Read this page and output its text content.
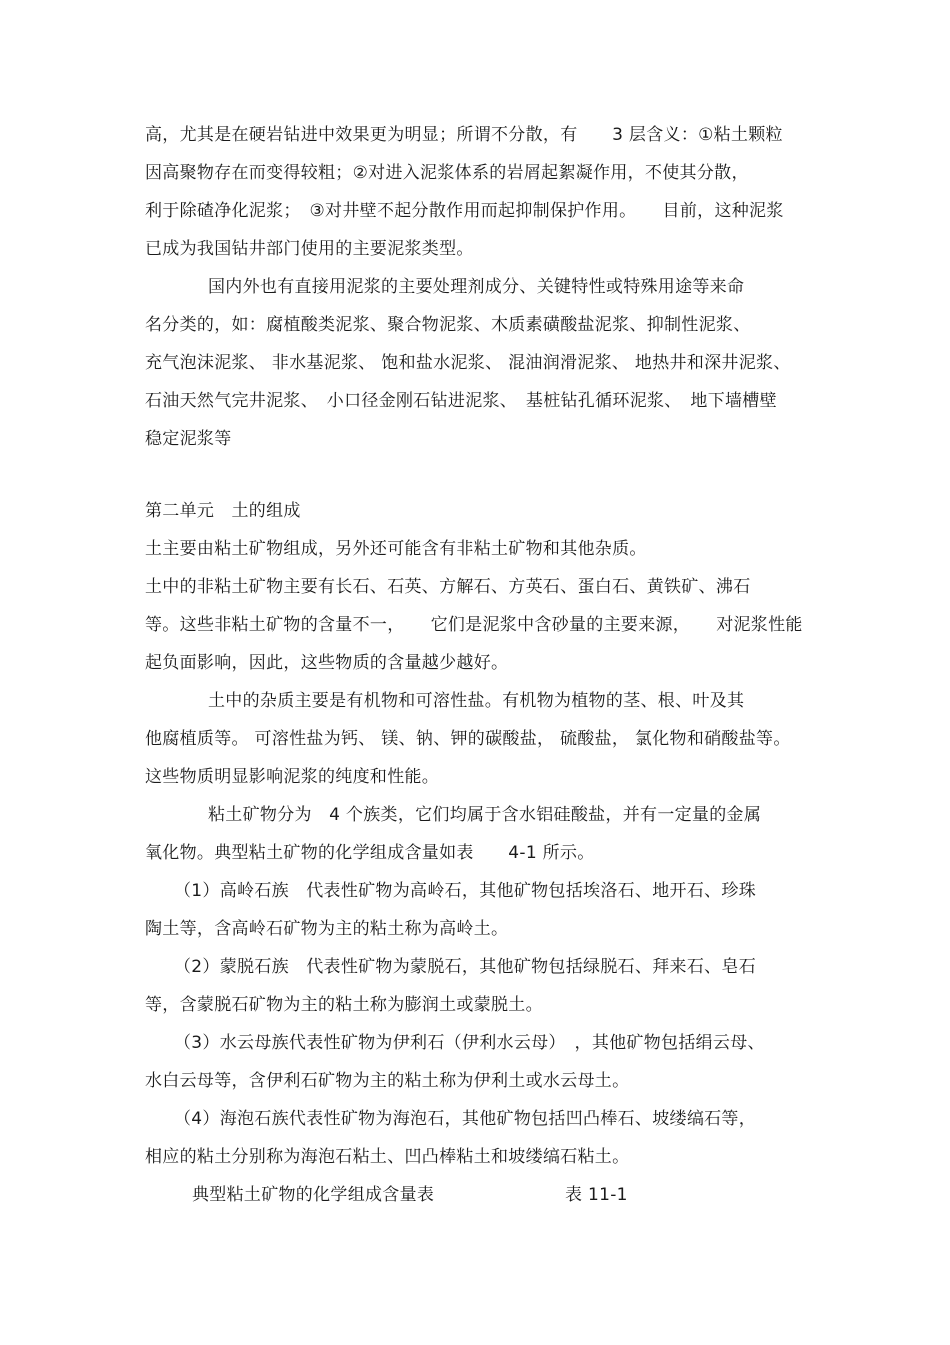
高，尤其是在硬岩钻进中效果更为明显；所谓不分散，有　　3 层含义：①粘土颗粒
因高聚物存在而变得较粗；②对进入泥浆体系的岩屑起絮凝作用，不使其分散，
利于除碴净化泥浆；　③对井壁不起分散作用而起抑制保护作用。　　目前，这种泥浆
已成为我国钻井部门使用的主要泥浆类型。
国内外也有直接用泥浆的主要处理剂成分、关键特性或特殊用途等来命
名分类的，如：腐植酸类泥浆、聚合物泥浆、木质素磺酸盐泥浆、抑制性泥浆、
充气泡沫泥浆、 非水基泥浆、 饱和盐水泥浆、 混油润滑泥浆、 地热井和深井泥浆、
石油天然气完井泥浆、　小口径金刚石钻进泥浆、　基桩钻孔循环泥浆、　地下墙槽壁
稳定泥浆等
第二单元　土的组成
土主要由粘土矿物组成，另外还可能含有非粘土矿物和其他杂质。
土中的非粘土矿物主要有长石、石英、方解石、方英石、蛋白石、黄铁矿、沸石
等。这些非粘土矿物的含量不一，　　它们是泥浆中含砂量的主要来源，　　对泥浆性能
起负面影响，因此，这些物质的含量越少越好。
土中的杂质主要是有机物和可溶性盐。有机物为植物的茎、根、叶及其
他腐植质等。 可溶性盐为钙、 镁、钠、钾的碳酸盐， 硫酸盐， 氯化物和硝酸盐等。
这些物质明显影响泥浆的纯度和性能。
粘土矿物分为　4 个族类，它们均属于含水铝硅酸盐，并有一定量的金属
氧化物。典型粘土矿物的化学组成含量如表　　4-1 所示。
（1）高岭石族　代表性矿物为高岭石，其他矿物包括埃洛石、地开石、珍珠
陶土等，含高岭石矿物为主的粘土称为高岭土。
（2）蒙脱石族　代表性矿物为蒙脱石，其他矿物包括绿脱石、拜来石、皂石
等，含蒙脱石矿物为主的粘土称为膨润土或蒙脱土。
（3）水云母族代表性矿物为伊利石（伊利水云母）　，其他矿物包括绢云母、
水白云母等，含伊利石矿物为主的粘土称为伊利土或水云母土。
（4）海泡石族代表性矿物为海泡石，其他矿物包括凹凸棒石、坡缕缟石等，
相应的粘土分别称为海泡石粘土、凹凸棒粘土和坡缕缟石粘土。
典型粘土矿物的化学组成含量表	表 11-1
